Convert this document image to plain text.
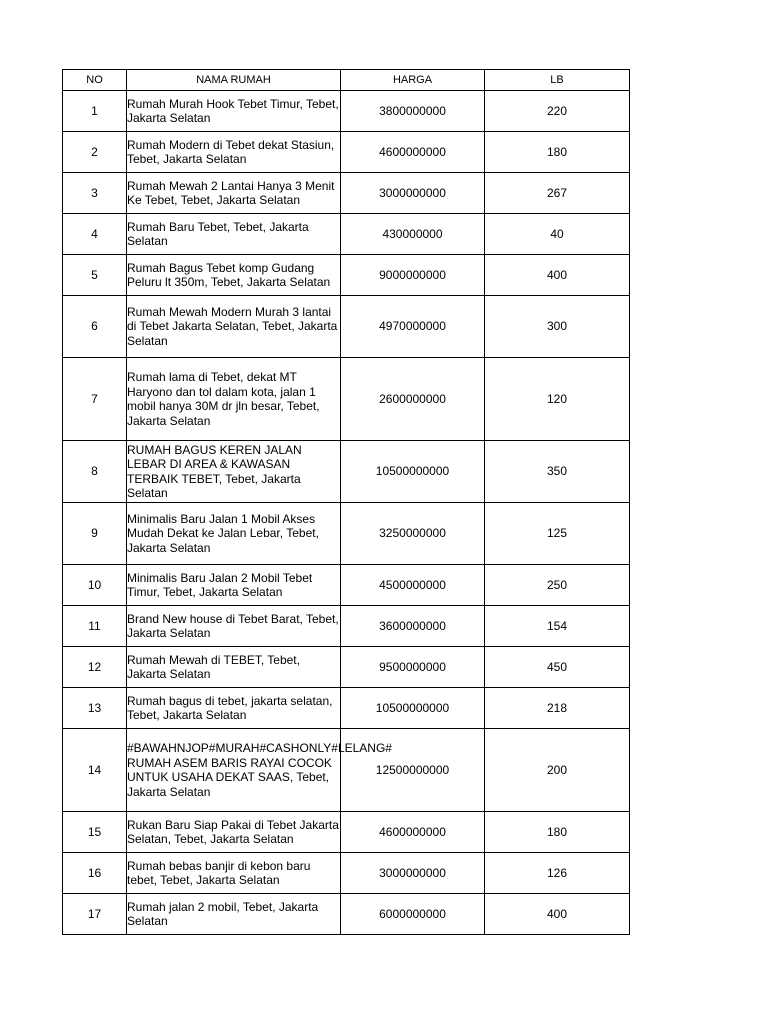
NO	NAMA RUMAH	HARGA	LB
1	Rumah Murah Hook Tebet Timur, Tebet, Jakarta Selatan	3800000000	220
2	Rumah Modern di Tebet dekat Stasiun, Tebet, Jakarta Selatan	4600000000	180
3	Rumah Mewah 2 Lantai Hanya 3 Menit Ke Tebet, Tebet, Jakarta Selatan	3000000000	267
4	Rumah Baru Tebet, Tebet, Jakarta Selatan	430000000	40
5	Rumah Bagus Tebet komp Gudang Peluru lt 350m, Tebet, Jakarta Selatan	9000000000	400
6	Rumah Mewah Modern Murah 3 lantai di Tebet Jakarta Selatan, Tebet, Jakarta Selatan	4970000000	300
7	Rumah lama di Tebet, dekat MT Haryono dan tol dalam kota, jalan 1 mobil hanya 30M dr jln besar, Tebet, Jakarta Selatan	2600000000	120
8	RUMAH BAGUS KEREN JALAN LEBAR DI AREA & KAWASAN TERBAIK TEBET, Tebet, Jakarta Selatan	10500000000	350
9	Minimalis Baru Jalan 1 Mobil Akses Mudah Dekat ke Jalan Lebar, Tebet, Jakarta Selatan	3250000000	125
10	Minimalis Baru Jalan 2 Mobil Tebet Timur, Tebet, Jakarta Selatan	4500000000	250
11	Brand New house di Tebet Barat, Tebet, Jakarta Selatan	3600000000	154
12	Rumah Mewah di TEBET, Tebet, Jakarta Selatan	9500000000	450
13	Rumah bagus di tebet, jakarta selatan, Tebet, Jakarta Selatan	10500000000	218
14	#BAWAHNJOP#MURAH#CASHONLY#LELANG# RUMAH ASEM BARIS RAYAI COCOK UNTUK USAHA DEKAT SAAS, Tebet, Jakarta Selatan	12500000000	200
15	Rukan Baru Siap Pakai di Tebet Jakarta Selatan, Tebet, Jakarta Selatan	4600000000	180
16	Rumah bebas banjir di kebon baru tebet, Tebet, Jakarta Selatan	3000000000	126
17	Rumah jalan 2 mobil, Tebet, Jakarta Selatan	6000000000	400
